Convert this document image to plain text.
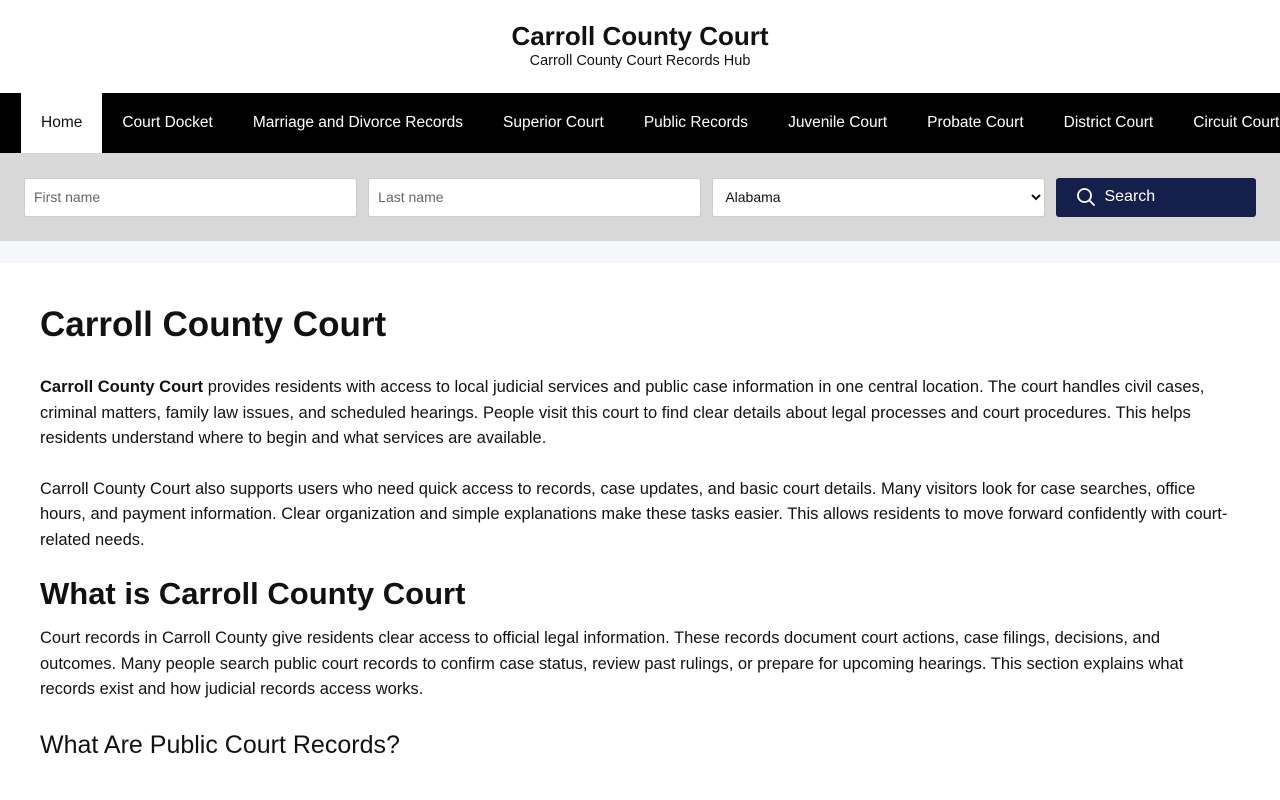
Carroll County Court
Carroll County Court Records Hub
Home	Court Docket	Marriage and Divorce Records	Superior Court	Public Records	Juvenile Court	Probate Court	District Court	Circuit Court
First name
Last name
Alabama
Search
Carroll County Court

Carroll County Court provides residents with access to local judicial services and public case information in one central location. The court handles civil cases, criminal matters, family law issues, and scheduled hearings. People visit this court to find clear details about legal processes and court procedures. This helps residents understand where to begin and what services are available.

Carroll County Court also supports users who need quick access to records, case updates, and basic court details. Many visitors look for case searches, office hours, and payment information. Clear organization and simple explanations make these tasks easier. This allows residents to move forward confidently with court-related needs.

What is Carroll County Court

Court records in Carroll County give residents clear access to official legal information. These records document court actions, case filings, decisions, and outcomes. Many people search public court records to confirm case status, review past rulings, or prepare for upcoming hearings. This section explains what records exist and how judicial records access works.

What Are Public Court Records?
